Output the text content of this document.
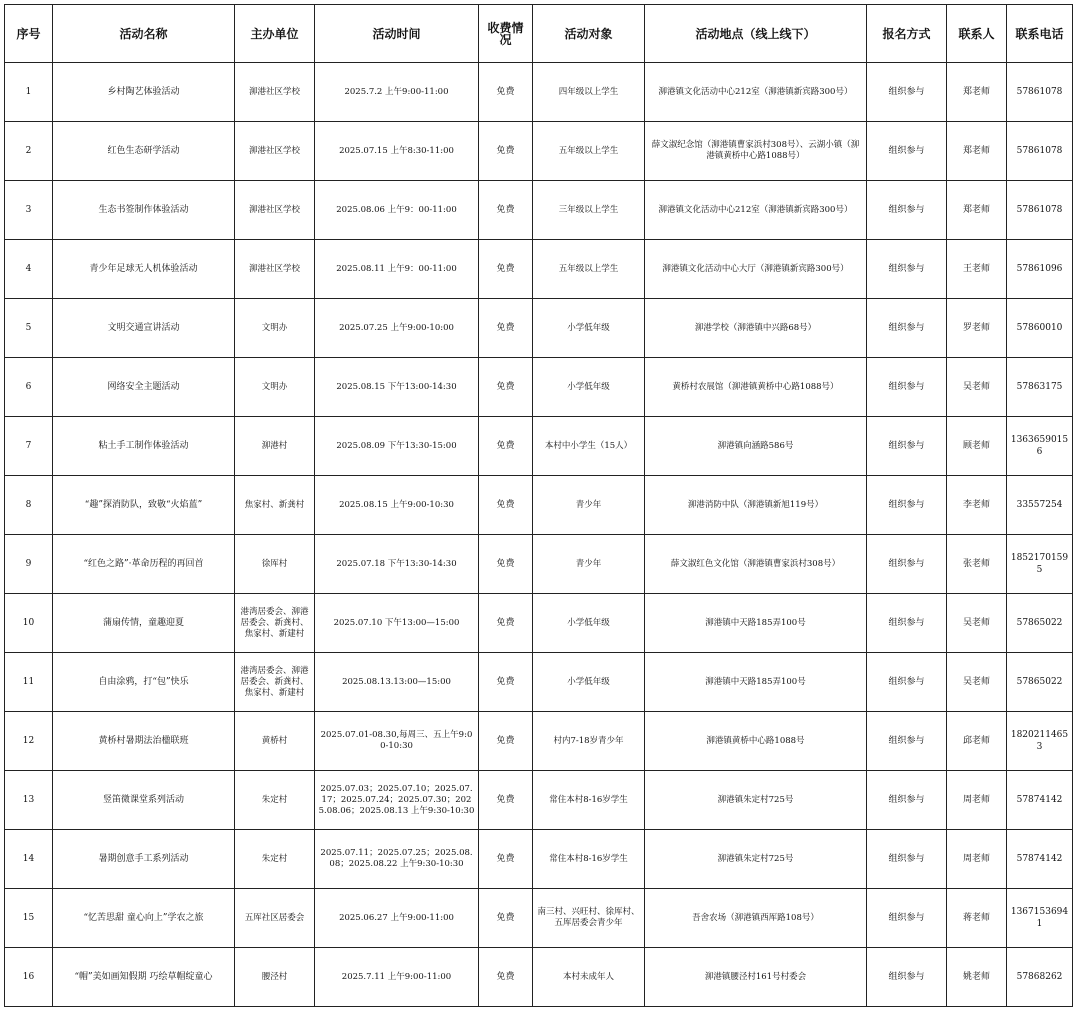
序号	活动名称	主办单位	活动时间	收费情况	活动对象	活动地点（线上线下）	报名方式	联系人	联系电话
1	乡村陶艺体验活动	泖港社区学校	2025.7.2 上午9:00-11:00	免费	四年级以上学生	泖港镇文化活动中心212室（泖港镇新宾路300号）	组织参与	郑老师	57861078
2	红色生态研学活动	泖港社区学校	2025.07.15 上午8:30-11:00	免费	五年级以上学生	薛文淑纪念馆（泖港镇曹家浜村308号）、云湖小镇（泖港镇黄桥中心路1088号）	组织参与	郑老师	57861078
3	生态书签制作体验活动	泖港社区学校	2025.08.06 上午9：00-11:00	免费	三年级以上学生	泖港镇文化活动中心212室（泖港镇新宾路300号）	组织参与	郑老师	57861078
4	青少年足球无人机体验活动	泖港社区学校	2025.08.11 上午9：00-11:00	免费	五年级以上学生	泖港镇文化活动中心大厅（泖港镇新宾路300号）	组织参与	王老师	57861096
5	文明交通宣讲活动	文明办	2025.07.25 上午9:00-10:00	免费	小学低年级	泖港学校（泖港镇中兴路68号）	组织参与	罗老师	57860010
6	网络安全主题活动	文明办	2025.08.15 下午13:00-14:30	免费	小学低年级	黄桥村农展馆（泖港镇黄桥中心路1088号）	组织参与	吴老师	57863175
7	粘土手工制作体验活动	泖港村	2025.08.09 下午13:30-15:00	免费	本村中小学生（15人）	泖港镇向涵路586号	组织参与	顾老师	13636590156
8	“趣”探消防队，致敬“火焰蓝”	焦家村、新龚村	2025.08.15 上午9:00-10:30	免费	青少年	泖港消防中队（泖港镇新旭119号）	组织参与	李老师	33557254
9	“红色之路”·革命历程的再回首	徐厍村	2025.07.18 下午13:30-14:30	免费	青少年	薛文淑红色文化馆（泖港镇曹家浜村308号）	组织参与	张老师	18521701595
10	蒲扇传情，童趣迎夏	港湾居委会、泖港居委会、新龚村、焦家村、新建村	2025.07.10 下午13:00—15:00	免费	小学低年级	泖港镇中天路185弄100号	组织参与	吴老师	57865022
11	自由涂鸦，打“包”快乐	港湾居委会、泖港居委会、新龚村、焦家村、新建村	2025.08.13.13:00—15:00	免费	小学低年级	泖港镇中天路185弄100号	组织参与	吴老师	57865022
12	黄桥村暑期法治楹联班	黄桥村	2025.07.01-08.30,每周三、五上午9:00-10:30	免费	村内7-18岁青少年	泖港镇黄桥中心路1088号	组织参与	邱老师	18202114653
13	竖笛微课堂系列活动	朱定村	2025.07.03；2025.07.10；2025.07.17；2025.07.24；2025.07.30；2025.08.06；2025.08.13 上午9:30-10:30	免费	常住本村8-16岁学生	泖港镇朱定村725号	组织参与	周老师	57874142
14	暑期创意手工系列活动	朱定村	2025.07.11；2025.07.25；2025.08.08；2025.08.22 上午9:30-10:30	免费	常住本村8-16岁学生	泖港镇朱定村725号	组织参与	周老师	57874142
15	“忆苦思甜 童心向上”学农之旅	五厍社区居委会	2025.06.27 上午9:00-11:00	免费	南三村、兴旺村、徐厍村、五厍居委会青少年	吾舍农场（泖港镇西厍路108号）	组织参与	蒋老师	13671536941
16	“帽”美如画知假期 巧绘草帽绽童心	腰泾村	2025.7.11 上午9:00-11:00	免费	本村未成年人	泖港镇腰泾村161号村委会	组织参与	姚老师	57868262
